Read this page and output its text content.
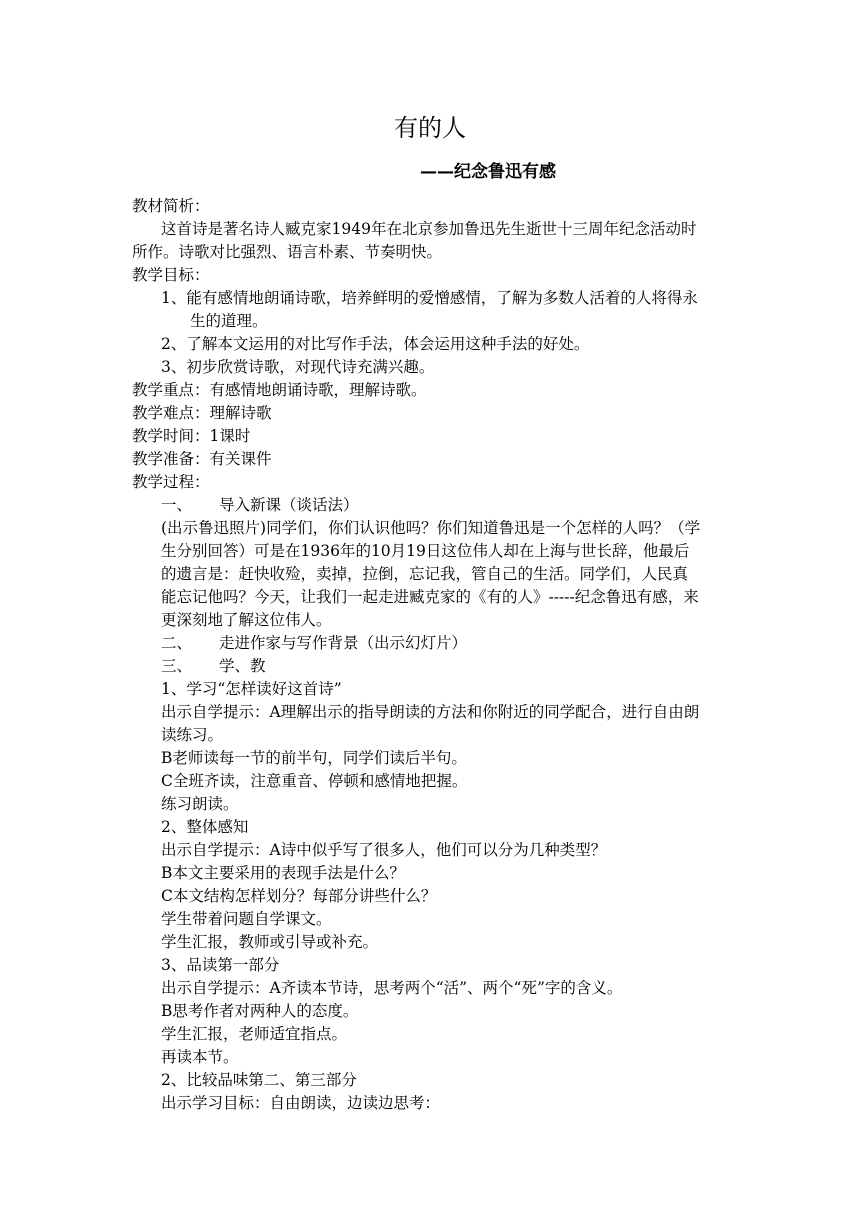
有的人
——纪念鲁迅有感

教材简析：

这首诗是著名诗人臧克家1949年在北京参加鲁迅先生逝世十三周年纪念活动时所作。诗歌对比强烈、语言朴素、节奏明快。

教学目标：

1、能有感情地朗诵诗歌，培养鲜明的爱憎感情，了解为多数人活着的人将得永生的道理。

2、了解本文运用的对比写作手法，体会运用这种手法的好处。

3、初步欣赏诗歌，对现代诗充满兴趣。

教学重点：有感情地朗诵诗歌，理解诗歌。

教学难点：理解诗歌

教学时间：1课时

教学准备：有关课件

教学过程：

一、 导入新课（谈话法）

(出示鲁迅照片)同学们，你们认识他吗？你们知道鲁迅是一个怎样的人吗？（学生分别回答）可是在1936年的10月19日这位伟人却在上海与世长辞，他最后的遗言是：赶快收殓，卖掉，拉倒，忘记我，管自己的生活。同学们，人民真能忘记他吗？今天，让我们一起走进臧克家的《有的人》-----纪念鲁迅有感，来更深刻地了解这位伟人。

二、 走进作家与写作背景（出示幻灯片）

三、 学、教

1、学习“怎样读好这首诗”

出示自学提示：A理解出示的指导朗读的方法和你附近的同学配合，进行自由朗读练习。

B老师读每一节的前半句，同学们读后半句。

C全班齐读，注意重音、停顿和感情地把握。

练习朗读。

2、整体感知

出示自学提示：A诗中似乎写了很多人，他们可以分为几种类型？

B本文主要采用的表现手法是什么？

C本文结构怎样划分？每部分讲些什么？

学生带着问题自学课文。

学生汇报，教师或引导或补充。

3、品读第一部分

出示自学提示：A齐读本节诗，思考两个“活”、两个“死”字的含义。

B思考作者对两种人的态度。

学生汇报，老师适宜指点。

再读本节。

2、比较品味第二、第三部分

出示学习目标：自由朗读，边读边思考：
